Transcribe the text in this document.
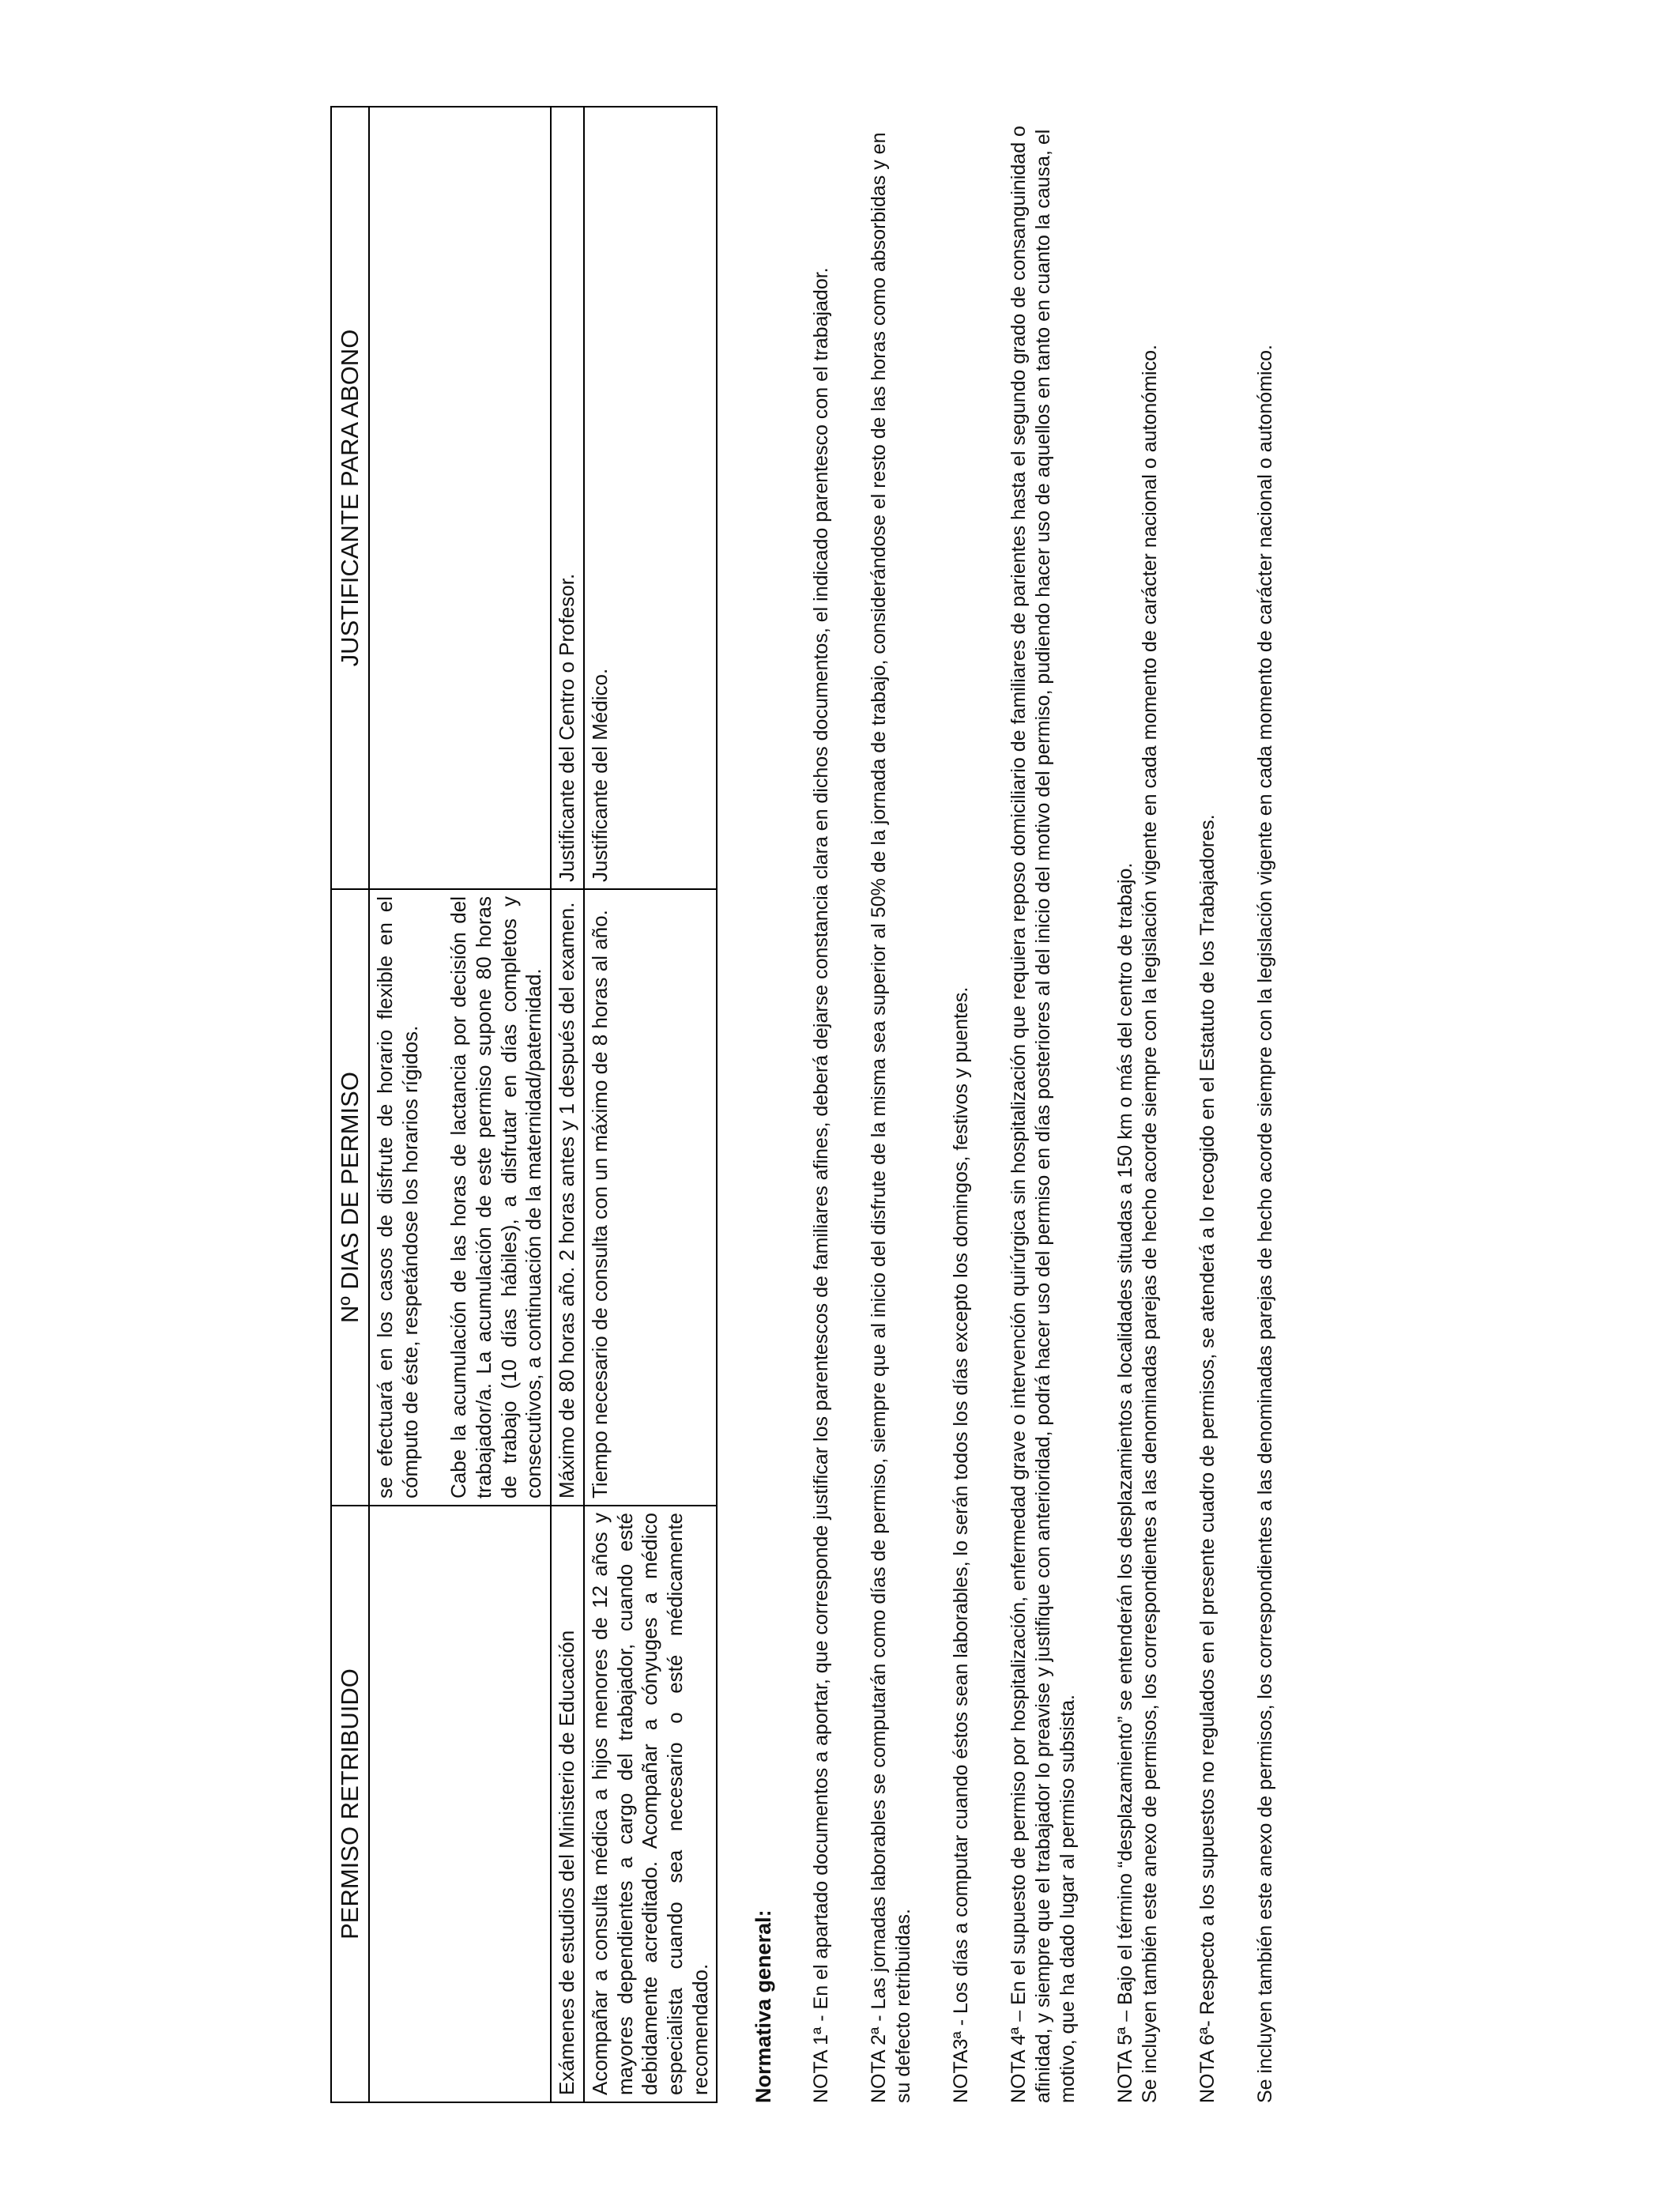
PERMISO RETRIBUIDO	Nº DIAS DE PERMISO	JUSTIFICANTE PARA ABONO

	se efectuará en los casos de disfrute de horario flexible en el cómputo de éste, respetándose los horarios rígidos. Cabe la acumulación de las horas de lactancia por decisión del trabajador/a. La acumulación de este permiso supone 80 horas de trabajo (10 días hábiles), a disfrutar en días completos y consecutivos, a continuación de la maternidad/paternidad.	

Exámenes de estudios del Ministerio de Educación	Máximo de 80 horas año. 2 horas antes y 1 después del examen.	Justificante del Centro o Profesor.
Acompañar a consulta médica a hijos menores de 12 años y mayores dependientes a cargo del trabajador, cuando esté debidamente acreditado. Acompañar a cónyuges a médico especialista cuando sea necesario o esté médicamente recomendado.	Tiempo necesario de consulta con un máximo de 8 horas al año.	Justificante del Médico.
Normativa general: NOTA 1ª - En el apartado documentos a aportar, que corresponde justificar los parentescos de familiares afines, deberá dejarse constancia clara en dichos documentos, el indicado parentesco con el trabajador. NOTA 2ª - Las jornadas laborables se computarán como días de permiso, siempre que al inicio del disfrute de la misma sea superior al 50% de la jornada de trabajo, considerándose el resto de las horas como absorbidas y en su defecto retribuidas. NOTA3ª - Los días a computar cuando éstos sean laborables, lo serán todos los días excepto los domingos, festivos y puentes. NOTA 4ª – En el supuesto de permiso por hospitalización, enfermedad grave o intervención quirúrgica sin hospitalización que requiera reposo domiciliario de familiares de parientes hasta el segundo grado de consanguinidad o afinidad, y siempre que el trabajador lo preavise y justifique con anterioridad, podrá hacer uso del permiso en días posteriores al del inicio del motivo del permiso, pudiendo hacer uso de aquellos en tanto en cuanto la causa, el motivo, que ha dado lugar al permiso subsista. NOTA 5ª – Bajo el término “desplazamiento” se entenderán los desplazamientos a localidades situadas a 150 km o más del centro de trabajo. Se incluyen también este anexo de permisos, los correspondientes a las denominadas parejas de hecho acorde siempre con la legislación vigente en cada momento de carácter nacional o autonómico. NOTA 6ª- Respecto a los supuestos no regulados en el presente cuadro de permisos, se atenderá a lo recogido en el Estatuto de los Trabajadores. Se incluyen también este anexo de permisos, los correspondientes a las denominadas parejas de hecho acorde siempre con la legislación vigente en cada momento de carácter nacional o autonómico.
